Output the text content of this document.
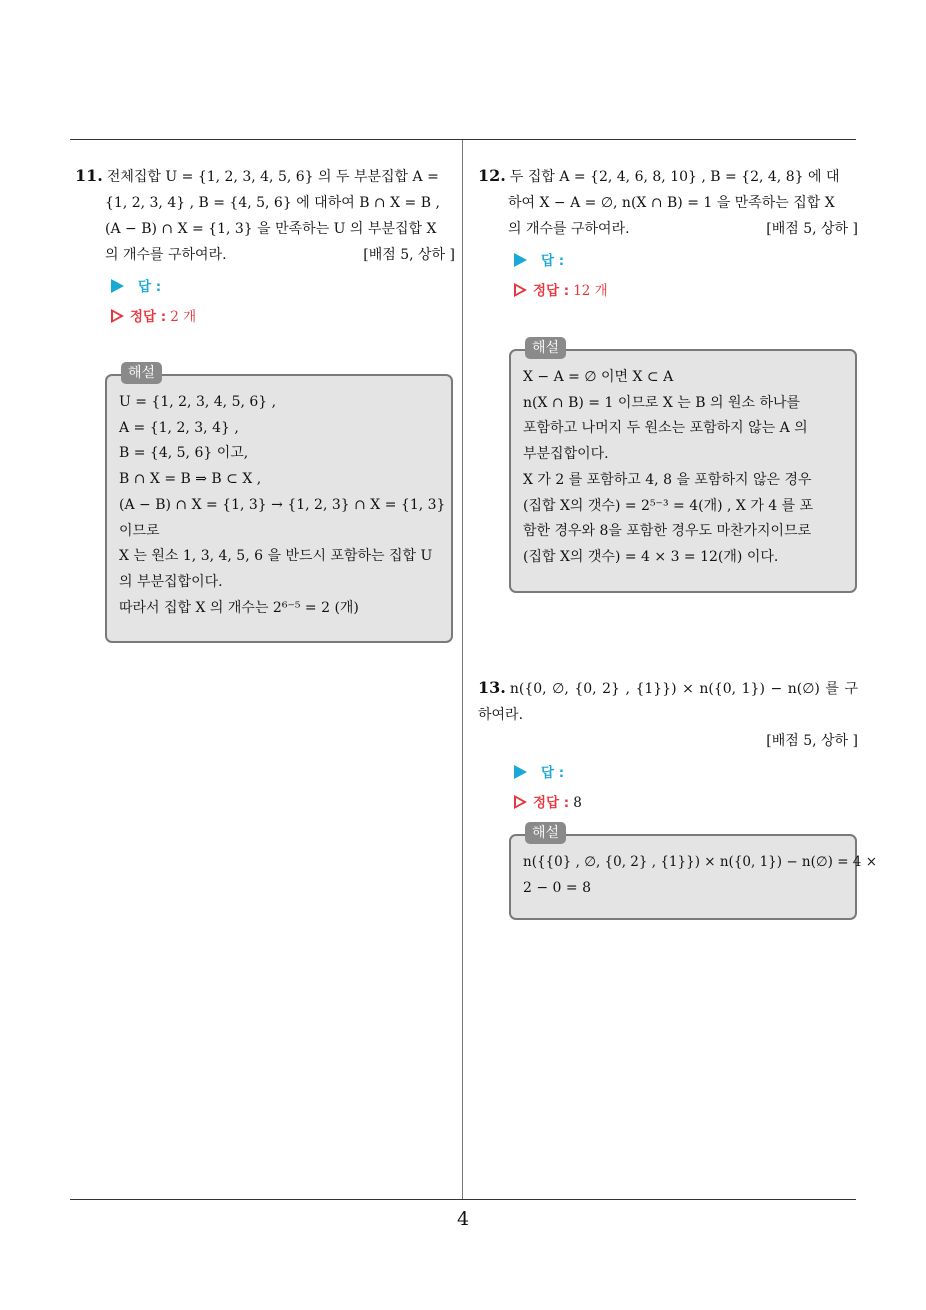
11. 전체집합 U = {1, 2, 3, 4, 5, 6} 의 두 부분집합 A =
{1, 2, 3, 4} , B = {4, 5, 6} 에 대하여 B ∩ X = B ,
(A − B) ∩ X = {1, 3} 을 만족하는 U 의 부분집합 X
의 개수를 구하여라.	[배점 5, 상하 ]
답 :
정답 : 2 개
해설
U = {1, 2, 3, 4, 5, 6} ,
A = {1, 2, 3, 4} ,
B = {4, 5, 6} 이고,
B ∩ X = B ⇒ B ⊂ X ,
(A − B) ∩ X = {1, 3} → {1, 2, 3} ∩ X = {1, 3}
이므로
X 는 원소 1, 3, 4, 5, 6 을 반드시 포함하는 집합 U
의 부분집합이다.
따라서 집합 X 의 개수는 2⁶⁻⁵ = 2 (개)
12. 두 집합 A = {2, 4, 6, 8, 10} , B = {2, 4, 8} 에 대
하여 X − A = ∅, n(X ∩ B) = 1 을 만족하는 집합 X
의 개수를 구하여라.	[배점 5, 상하 ]
답 :
정답 : 12 개
해설
X − A = ∅ 이면 X ⊂ A
n(X ∩ B) = 1 이므로 X 는 B 의 원소 하나를
포함하고 나머지 두 원소는 포함하지 않는 A 의
부분집합이다.
X 가 2 를 포함하고 4, 8 을 포함하지 않은 경우
(집합 X의 갯수) = 2⁵⁻³ = 4(개) , X 가 4 를 포
함한 경우와 8을 포함한 경우도 마찬가지이므로
(집합 X의 갯수) = 4 × 3 = 12(개) 이다.
13. n({0, ∅, {0, 2} , {1}}) × n({0, 1}) − n(∅) 를 구하여라.
[배점 5, 상하 ]
답 :
정답 : 8
해설
n({{0} , ∅, {0, 2} , {1}}) × n({0, 1}) − n(∅) = 4 ×
2 − 0 = 8
4
